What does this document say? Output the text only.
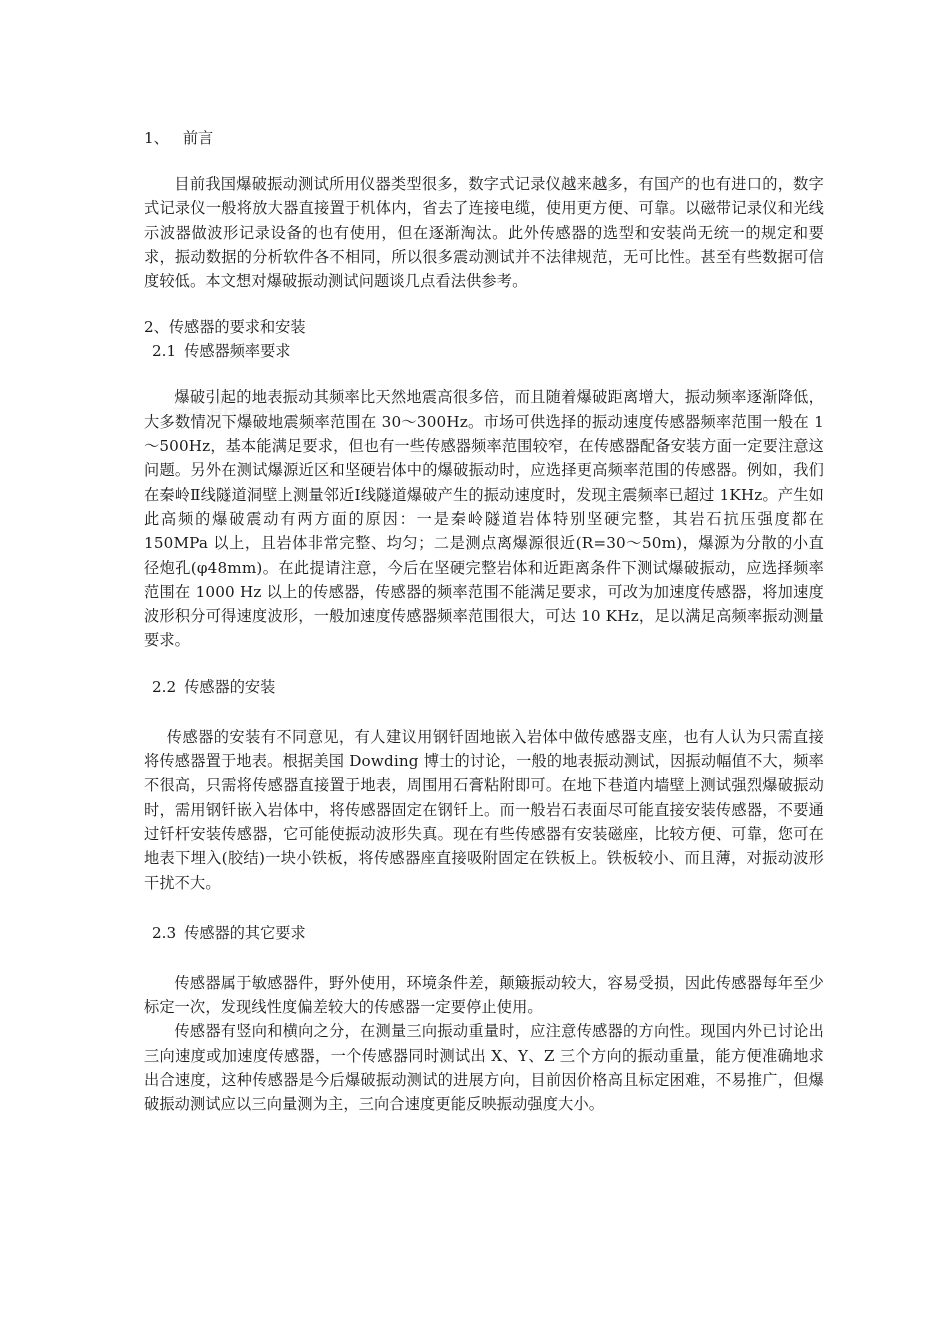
1、 前言

目前我国爆破振动测试所用仪器类型很多，数字式记录仪越来越多，有国产的也有进口的，数字式记录仪一般将放大器直接置于机体内，省去了连接电缆，使用更方便、可靠。以磁带记录仪和光线示波器做波形记录设备的也有使用，但在逐渐淘汰。此外传感器的选型和安装尚无统一的规定和要求，振动数据的分析软件各不相同，所以很多震动测试并不法律规范，无可比性。甚至有些数据可信度较低。本文想对爆破振动测试问题谈几点看法供参考。

2、传感器的要求和安装
2.1 传感器频率要求

爆破引起的地表振动其频率比天然地震高很多倍，而且随着爆破距离增大，振动频率逐渐降低，大多数情况下爆破地震频率范围在 30～300Hz。市场可供选择的振动速度传感器频率范围一般在 1～500Hz，基本能满足要求，但也有一些传感器频率范围较窄，在传感器配备安装方面一定要注意这问题。另外在测试爆源近区和坚硬岩体中的爆破振动时，应选择更高频率范围的传感器。例如，我们在秦岭Ⅱ线隧道洞壁上测量邻近Ⅰ线隧道爆破产生的振动速度时，发现主震频率已超过 1KHz。产生如此高频的爆破震动有两方面的原因：一是秦岭隧道岩体特别坚硬完整，其岩石抗压强度都在 150MPa 以上，且岩体非常完整、均匀；二是测点离爆源很近(R=30～50m)，爆源为分散的小直径炮孔(φ48mm)。在此提请注意，今后在坚硬完整岩体和近距离条件下测试爆破振动，应选择频率范围在 1000 Hz 以上的传感器，传感器的频率范围不能满足要求，可改为加速度传感器，将加速度波形积分可得速度波形，一般加速度传感器频率范围很大，可达 10 KHz，足以满足高频率振动测量要求。

2.2 传感器的安装

传感器的安装有不同意见，有人建议用钢钎固地嵌入岩体中做传感器支座，也有人认为只需直接将传感器置于地表。根据美国 Dowding 博士的讨论，一般的地表振动测试，因振动幅值不大，频率不很高，只需将传感器直接置于地表，周围用石膏粘附即可。在地下巷道内墙壁上测试强烈爆破振动时，需用钢钎嵌入岩体中，将传感器固定在钢钎上。而一般岩石表面尽可能直接安装传感器，不要通过钎杆安装传感器，它可能使振动波形失真。现在有些传感器有安装磁座，比较方便、可靠，您可在地表下埋入(胶结)一块小铁板，将传感器座直接吸附固定在铁板上。铁板较小、而且薄，对振动波形干扰不大。

2.3 传感器的其它要求

传感器属于敏感器件，野外使用，环境条件差，颠簸振动较大，容易受损，因此传感器每年至少标定一次，发现线性度偏差较大的传感器一定要停止使用。

传感器有竖向和横向之分，在测量三向振动重量时，应注意传感器的方向性。现国内外已讨论出三向速度或加速度传感器，一个传感器同时测试出 X、Y、Z 三个方向的振动重量，能方便准确地求出合速度，这种传感器是今后爆破振动测试的进展方向，目前因价格高且标定困难，不易推广，但爆破振动测试应以三向量测为主，三向合速度更能反映振动强度大小。
